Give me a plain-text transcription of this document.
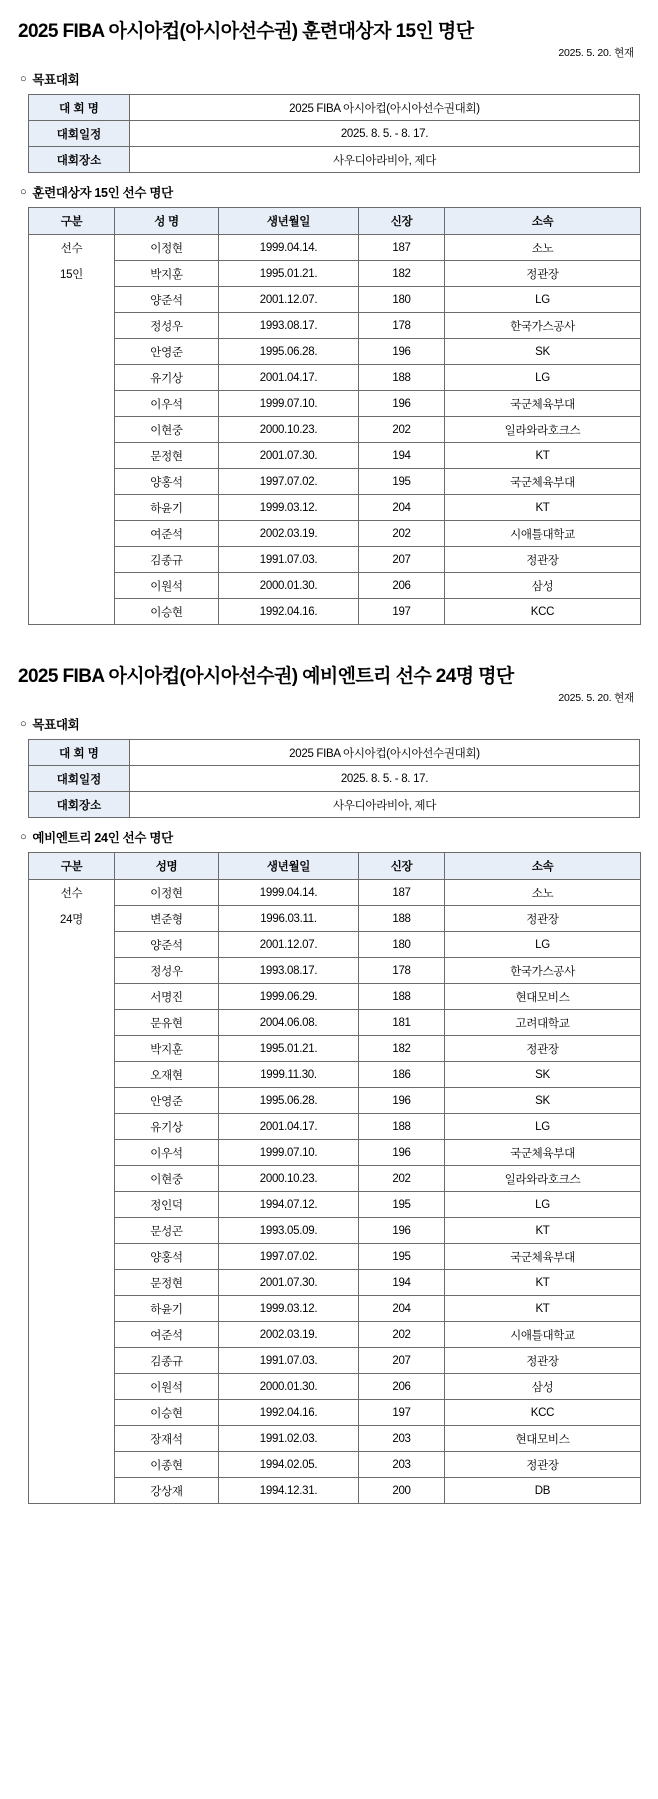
2025 FIBA 아시아컵(아시아선수권) 훈련대상자 15인 명단
2025. 5. 20. 현재
○ 목표대회
대 회 명	2025 FIBA 아시아컵(아시아선수권대회)
대회일정	2025. 8. 5. - 8. 17.
대회장소	사우디아라비아, 제다
○ 훈련대상자 15인 선수 명단
구분	성 명	생년월일	신장	소속
선수	이정현	1999.04.14.	187	소노
15인	박지훈	1995.01.21.	182	정관장
	양준석	2001.12.07.	180	LG
	정성우	1993.08.17.	178	한국가스공사
	안영준	1995.06.28.	196	SK
	유기상	2001.04.17.	188	LG
	이우석	1999.07.10.	196	국군체육부대
	이현중	2000.10.23.	202	일라와라호크스
	문정현	2001.07.30.	194	KT
	양홍석	1997.07.02.	195	국군체육부대
	하윤기	1999.03.12.	204	KT
	여준석	2002.03.19.	202	시애틀대학교
	김종규	1991.07.03.	207	정관장
	이원석	2000.01.30.	206	삼성
	이승현	1992.04.16.	197	KCC
2025 FIBA 아시아컵(아시아선수권) 예비엔트리 선수 24명 명단
2025. 5. 20. 현재
○ 목표대회
대 회 명	2025 FIBA 아시아컵(아시아선수권대회)
대회일정	2025. 8. 5. - 8. 17.
대회장소	사우디아라비아, 제다
○ 예비엔트리 24인 선수 명단
구분	성명	생년월일	신장	소속
선수	이정현	1999.04.14.	187	소노
24명	변준형	1996.03.11.	188	정관장
	양준석	2001.12.07.	180	LG
	정성우	1993.08.17.	178	한국가스공사
	서명진	1999.06.29.	188	현대모비스
	문유현	2004.06.08.	181	고려대학교
	박지훈	1995.01.21.	182	정관장
	오재현	1999.11.30.	186	SK
	안영준	1995.06.28.	196	SK
	유기상	2001.04.17.	188	LG
	이우석	1999.07.10.	196	국군체육부대
	이현중	2000.10.23.	202	일라와라호크스
	정인덕	1994.07.12.	195	LG
	문성곤	1993.05.09.	196	KT
	양홍석	1997.07.02.	195	국군체육부대
	문정현	2001.07.30.	194	KT
	하윤기	1999.03.12.	204	KT
	여준석	2002.03.19.	202	시애틀대학교
	김종규	1991.07.03.	207	정관장
	이원석	2000.01.30.	206	삼성
	이승현	1992.04.16.	197	KCC
	장재석	1991.02.03.	203	현대모비스
	이종현	1994.02.05.	203	정관장
	강상재	1994.12.31.	200	DB
